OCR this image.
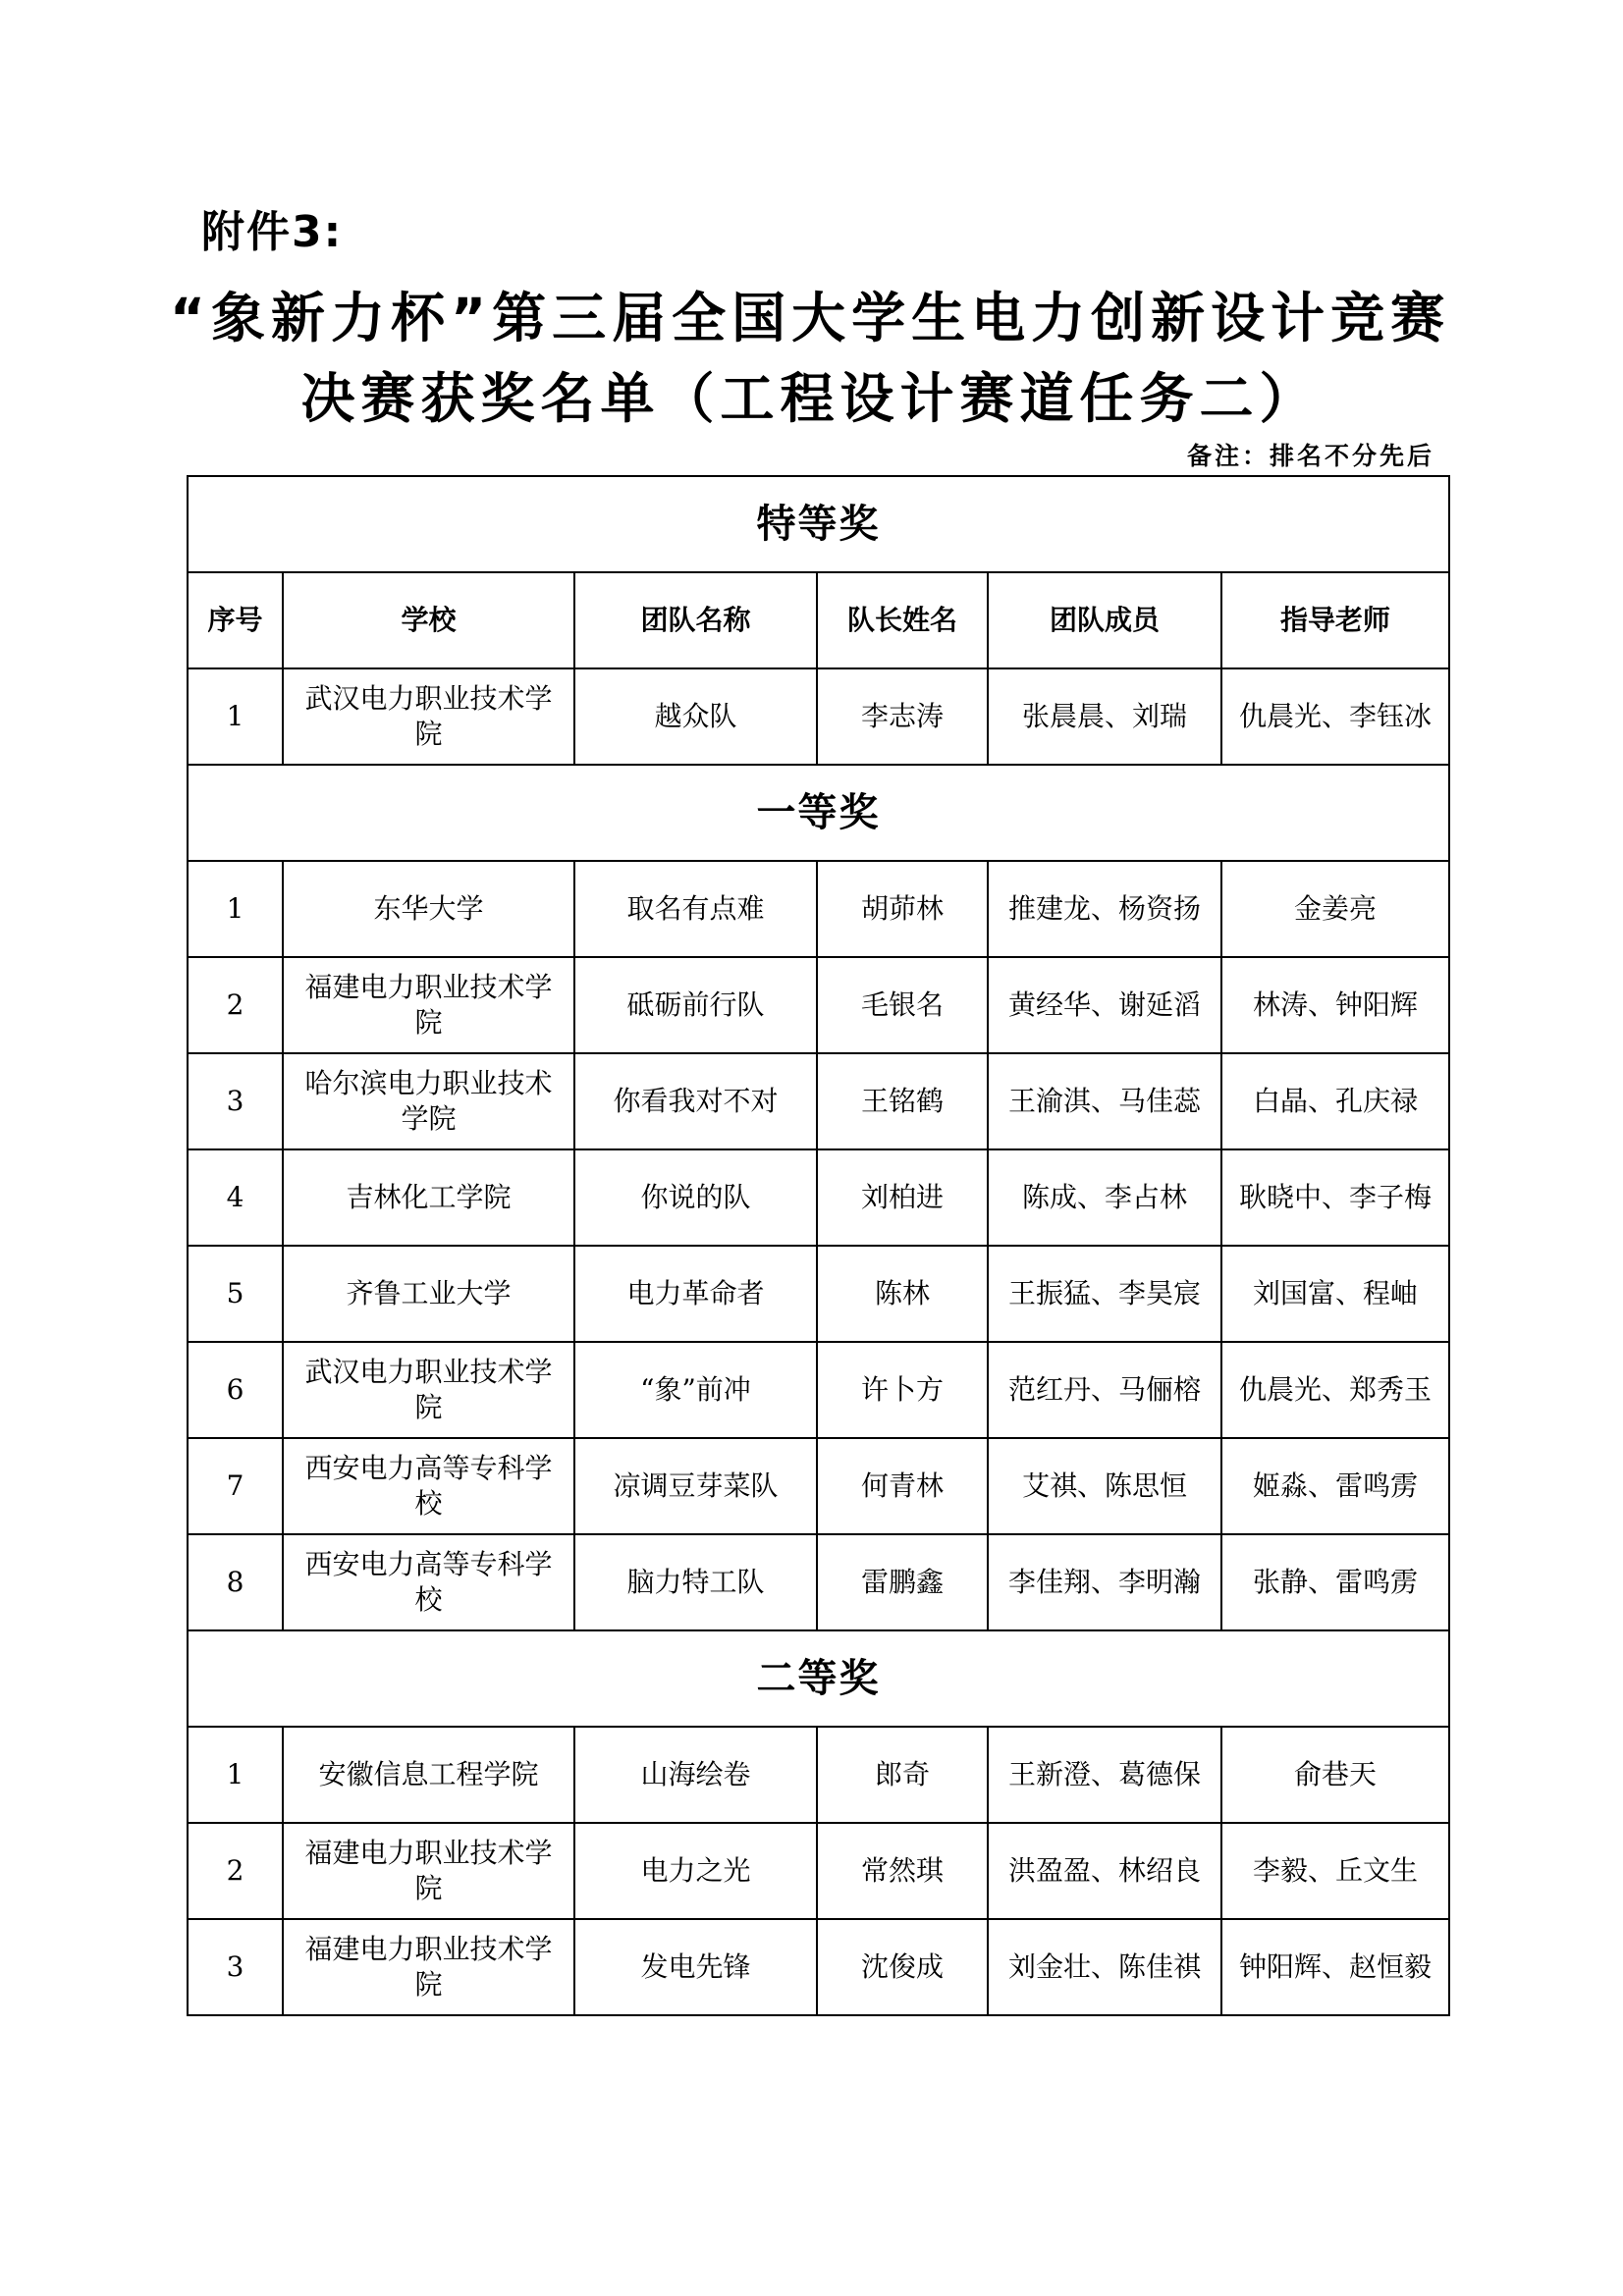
附件3:
“象新力杯”第三届全国大学生电力创新设计竞赛
决赛获奖名单（工程设计赛道任务二）
备注：排名不分先后
特等奖					
序号	学校	团队名称	队长姓名	团队成员	指导老师
1	武汉电力职业技术学院	越众队	李志涛	张晨晨、刘瑞	仇晨光、李钰冰
一等奖					
1	东华大学	取名有点难	胡茆林	推建龙、杨资扬	金姜亮
2	福建电力职业技术学院	砥砺前行队	毛银名	黄经华、谢延滔	林涛、钟阳辉
3	哈尔滨电力职业技术学院	你看我对不对	王铭鹤	王渝淇、马佳蕊	白晶、孔庆禄
4	吉林化工学院	你说的队	刘柏进	陈成、李占林	耿晓中、李子梅
5	齐鲁工业大学	电力革命者	陈林	王振猛、李昊宸	刘国富、程岫
6	武汉电力职业技术学院	“象”前冲	许卜方	范红丹、马俪榕	仇晨光、郑秀玉
7	西安电力高等专科学校	凉调豆芽菜队	何青林	艾祺、陈思恒	姬淼、雷鸣雳
8	西安电力高等专科学校	脑力特工队	雷鹏鑫	李佳翔、李明瀚	张静、雷鸣雳
二等奖					
1	安徽信息工程学院	山海绘卷	郎奇	王新澄、葛德保	俞巷天
2	福建电力职业技术学院	电力之光	常然琪	洪盈盈、林绍良	李毅、丘文生
3	福建电力职业技术学院	发电先锋	沈俊成	刘金壮、陈佳祺	钟阳辉、赵恒毅
